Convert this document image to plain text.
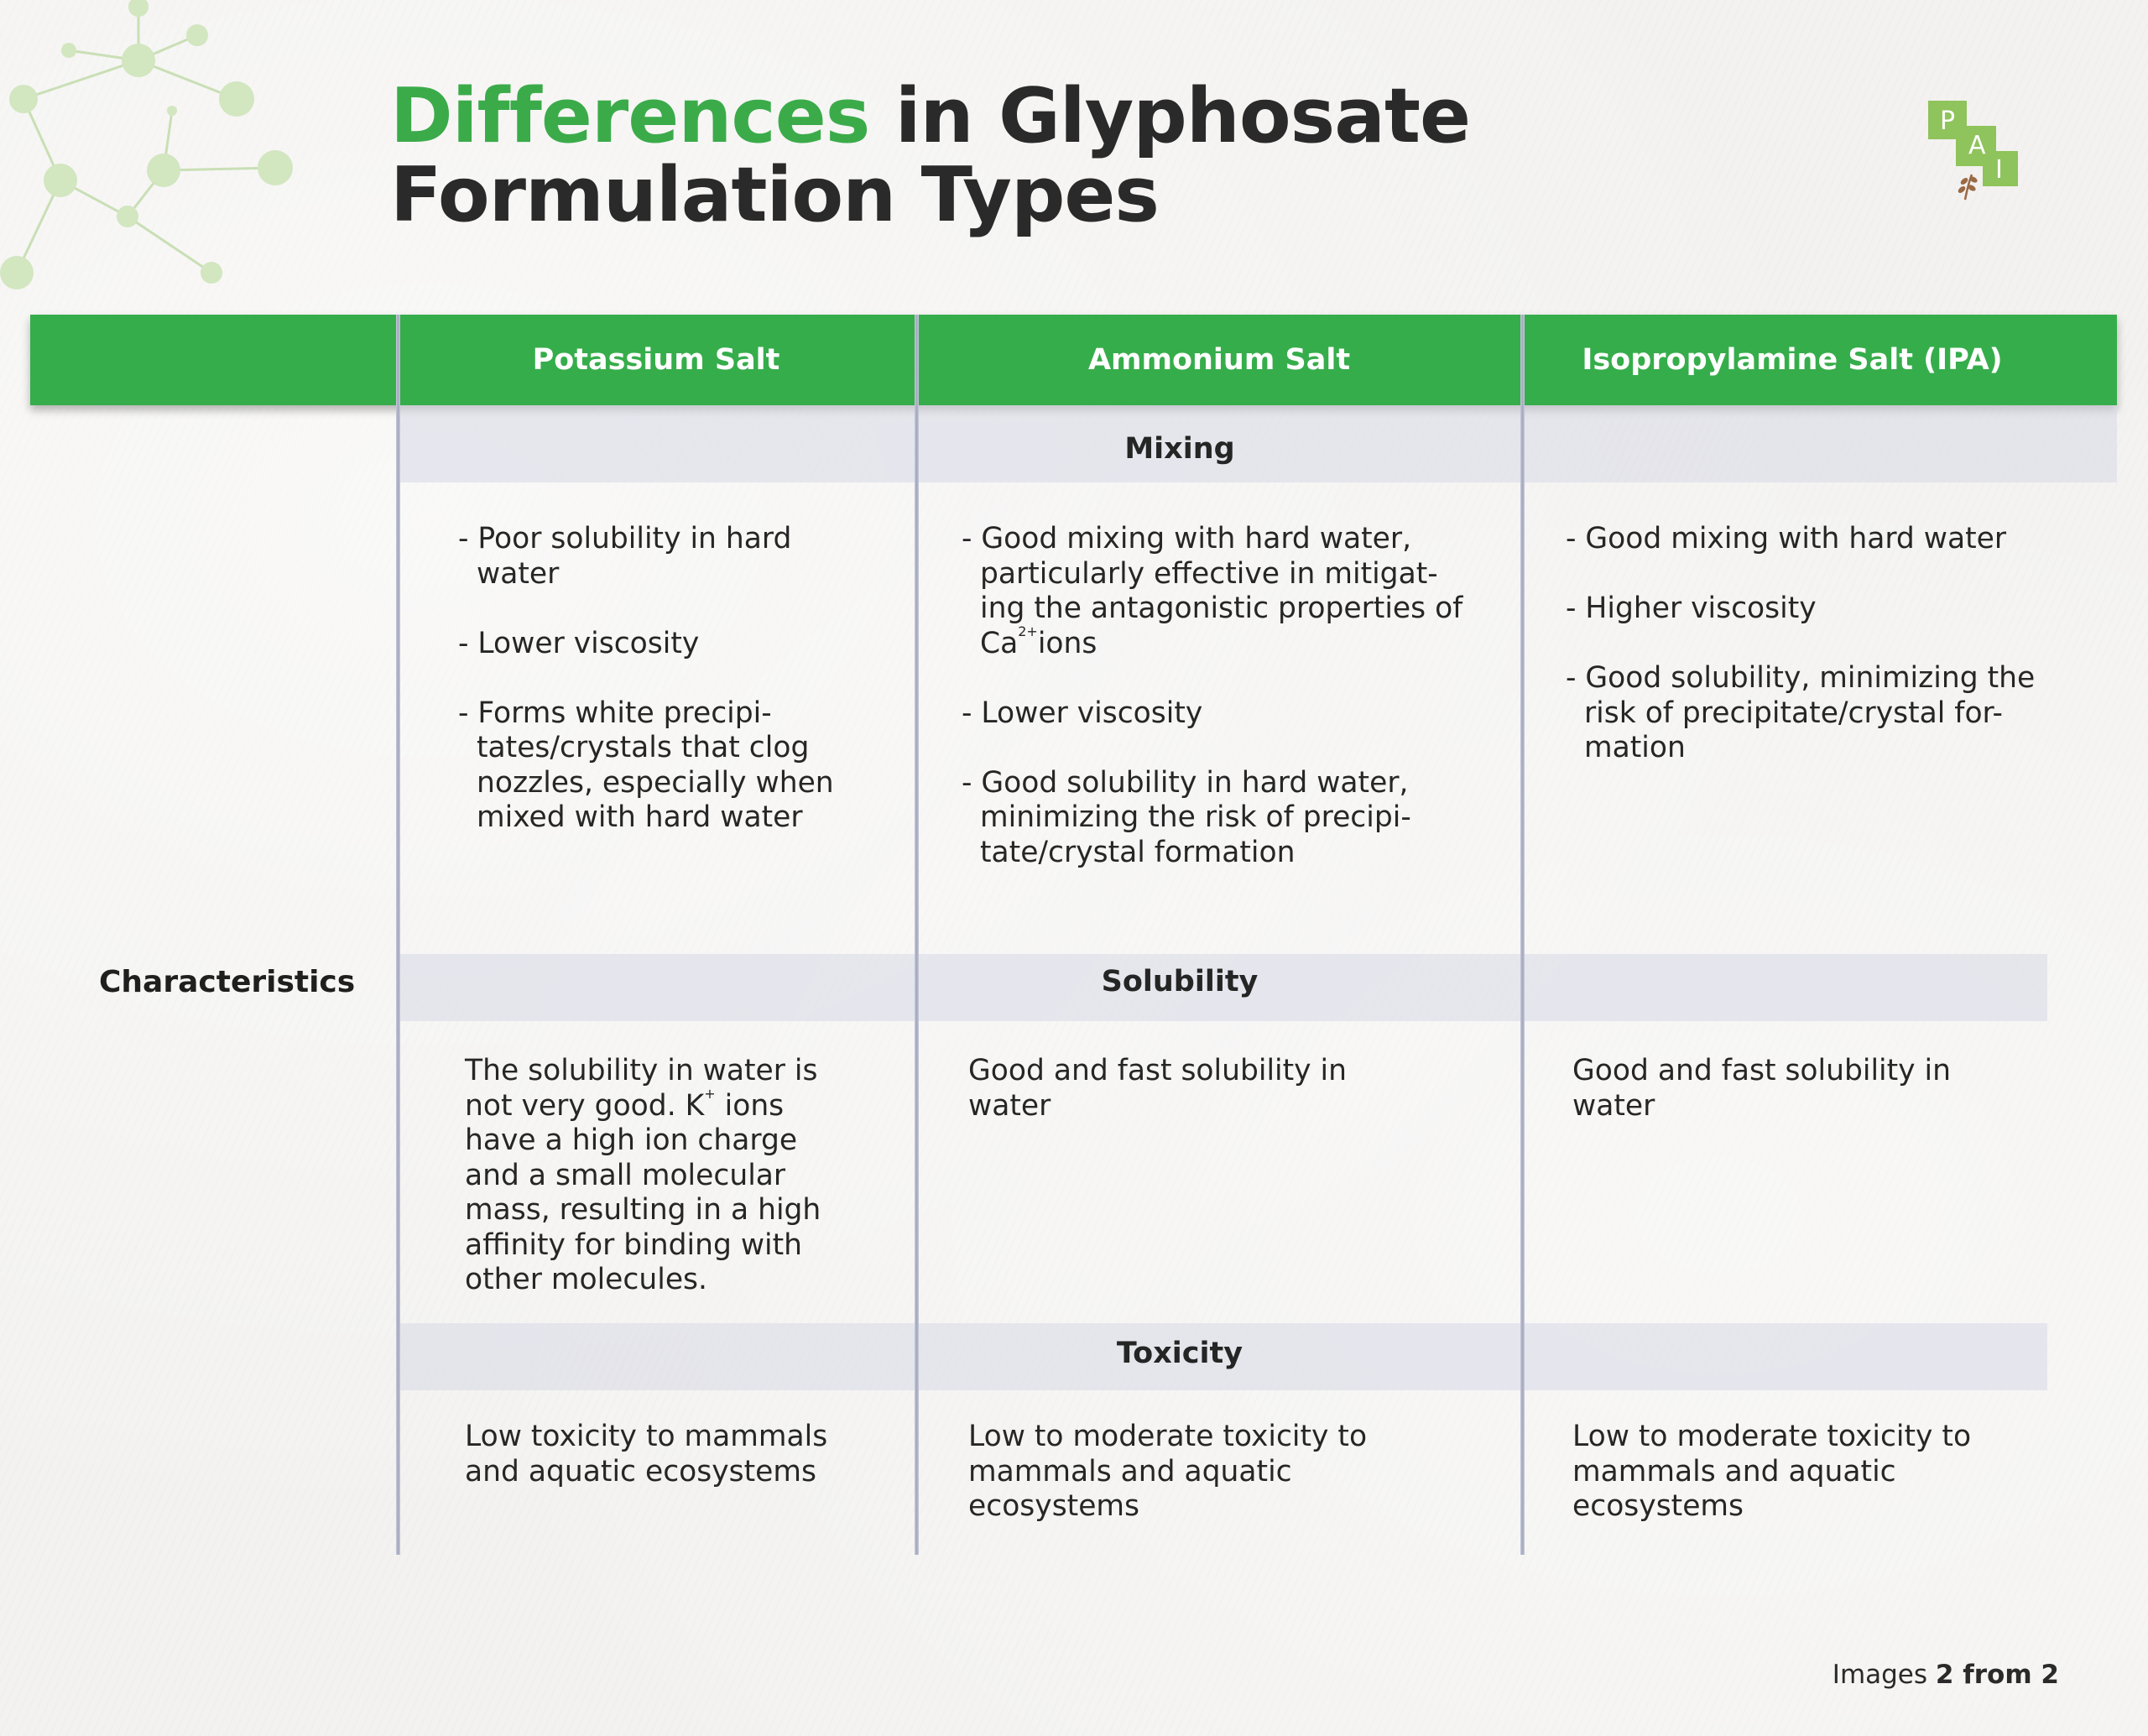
Differences in Glyphosate
Formulation Types
P
A
I
Potassium Salt	Ammonium Salt	Isopropylamine Salt (IPA)
Mixing
Solubility
Toxicity
Characteristics
- Poor solubility in hard water
- Lower viscosity
- Forms white precipi-tates/crystals that clog nozzles, especially when mixed with hard water
- Good mixing with hard water, particularly effective in mitigat-ing the antagonistic properties of $Ca^{2+}ions$
- Lower viscosity
- Good solubility in hard water, minimizing the risk of precipi-tate/crystal formation
- Good mixing with hard water
- Higher viscosity
- Good solubility, minimizing the risk of precipitate/crystal for-mation
The solubility in water is not very good. K+ ions have a high ion charge and a small molecular mass, resulting in a high affinity for binding with other molecules.
Good and fast solubility in water
Good and fast solubility in water
Low toxicity to mammals and aquatic ecosystems
Low to moderate toxicity to mammals and aquatic ecosystems
Low to moderate toxicity to mammals and aquatic ecosystems
Images 2 from 2
